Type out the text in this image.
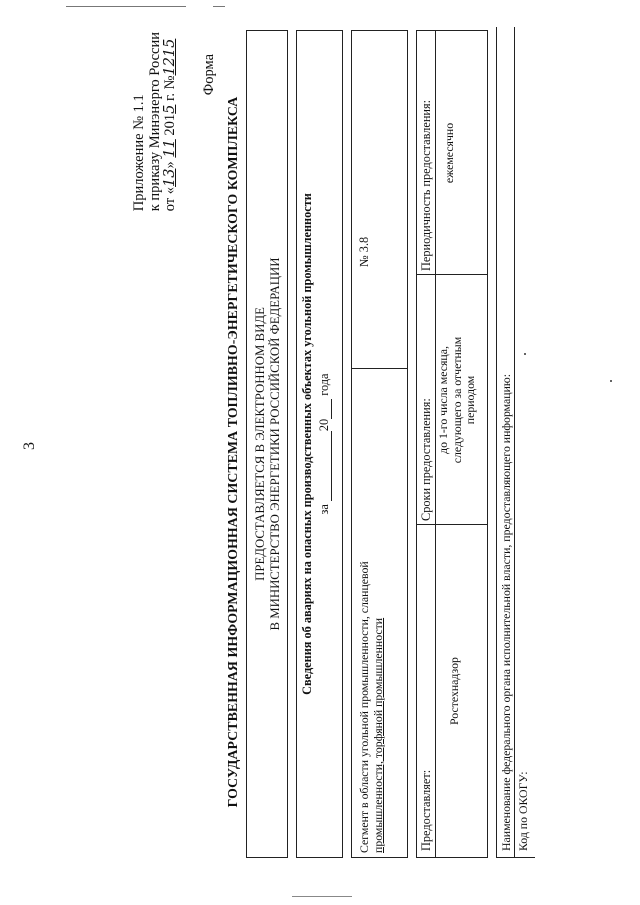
3
Приложение № 1.1 к приказу Минэнерго России от «13» 11 2015 г. №1215 Форма
ГОСУДАРСТВЕННАЯ ИНФОРМАЦИОННАЯ СИСТЕМА ТОПЛИВНО-ЭНЕРГЕТИЧЕСКОГО КОМПЛЕКСА ПРЕДОСТАВЛЯЕТСЯ В ЭЛЕКТРОННОМ ВИДЕ В МИНИСТЕРСТВО ЭНЕРГЕТИКИ РОССИЙСКОЙ ФЕДЕРАЦИИ Сведения об авариях на опасных производственных объектах угольной промышленности за 20 года
Сегмент в области угольной промышленности, сланцевой промышленности, торфяной промышленности
№ 3.8
Предоставляет:
Сроки предоставления:
Периодичность предоставления:
Ростехнадзор
до 1-го числа месяца, следующего за отчетным периодом
ежемесячно
Наименование федерального органа исполнительной власти, предоставляющего информацию: Код по ОКОГУ:
